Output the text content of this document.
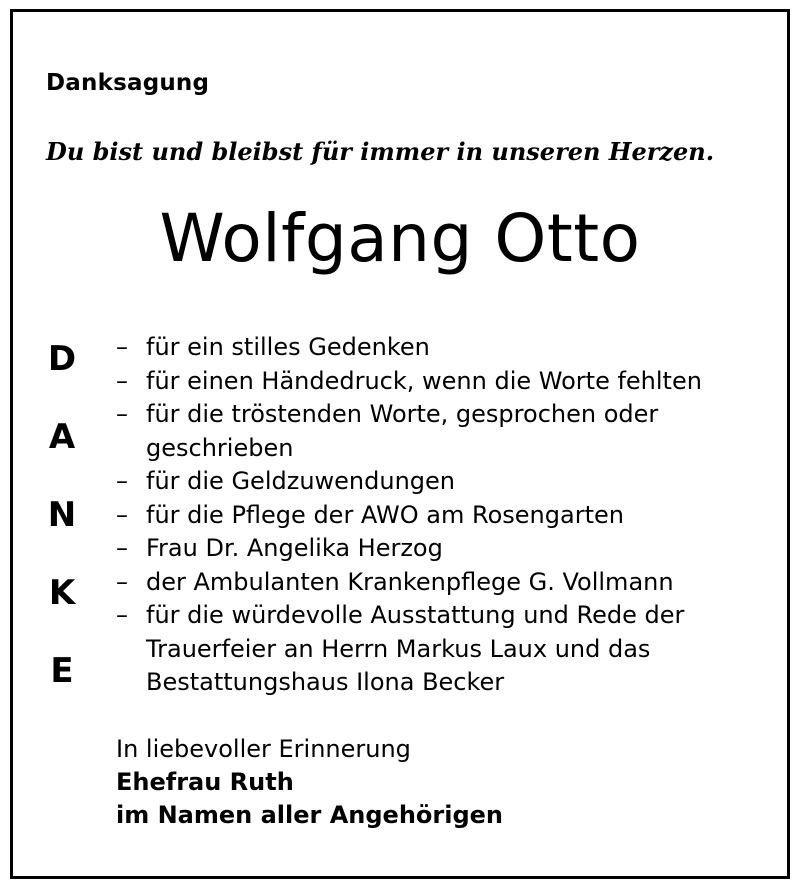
Danksagung
Du bist und bleibst für immer in unseren Herzen.
Wolfgang Otto
D
A
N
K
E
– für ein stilles Gedenken
– für einen Händedruck, wenn die Worte fehlten
– für die tröstenden Worte, gesprochen oder geschrieben
– für die Geldzuwendungen
– für die Pflege der AWO am Rosengarten
– Frau Dr. Angelika Herzog
– der Ambulanten Krankenpflege G. Vollmann
– für die würdevolle Ausstattung und Rede der Trauerfeier an Herrn Markus Laux und das Bestattungshaus Ilona Becker
In liebevoller Erinnerung
Ehefrau Ruth
im Namen aller Angehörigen
